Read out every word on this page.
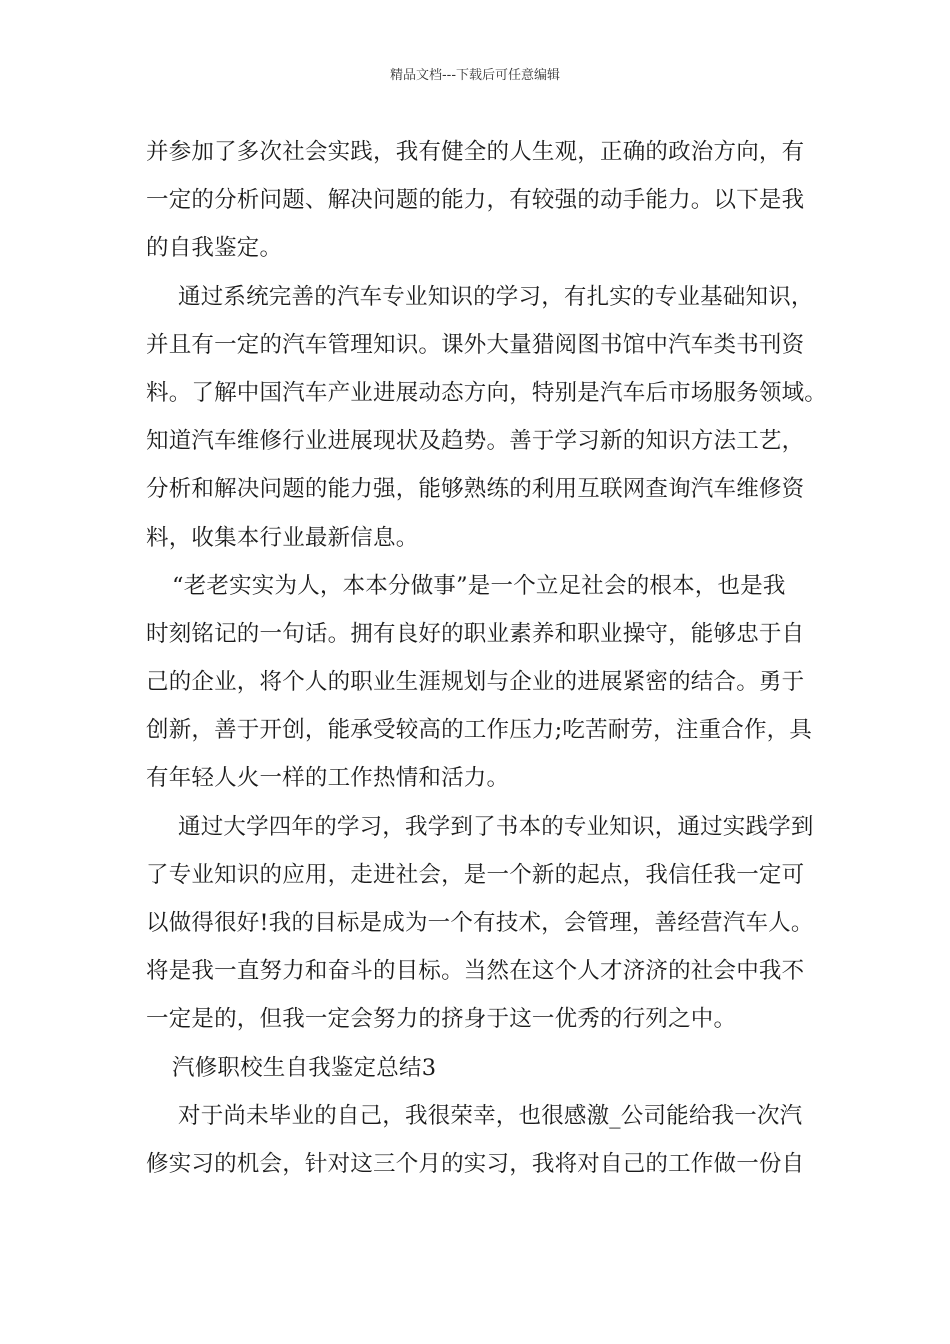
精品文档---下载后可任意编辑
并参加了多次社会实践，我有健全的人生观，正确的政治方向，有
一定的分析问题、解决问题的能力，有较强的动手能力。以下是我
的自我鉴定。
通过系统完善的汽车专业知识的学习，有扎实的专业基础知识，
并且有一定的汽车管理知识。课外大量猎阅图书馆中汽车类书刊资
料。了解中国汽车产业进展动态方向，特别是汽车后市场服务领域。
知道汽车维修行业进展现状及趋势。善于学习新的知识方法工艺，
分析和解决问题的能力强，能够熟练的利用互联网查询汽车维修资
料，收集本行业最新信息。
“老老实实为人，本本分做事”是一个立足社会的根本，也是我
时刻铭记的一句话。拥有良好的职业素养和职业操守，能够忠于自
己的企业，将个人的职业生涯规划与企业的进展紧密的结合。勇于
创新，善于开创，能承受较高的工作压力;吃苦耐劳，注重合作，具
有年轻人火一样的工作热情和活力。
通过大学四年的学习，我学到了书本的专业知识，通过实践学到
了专业知识的应用，走进社会，是一个新的起点，我信任我一定可
以做得很好!我的目标是成为一个有技术，会管理，善经营汽车人。
将是我一直努力和奋斗的目标。当然在这个人才济济的社会中我不
一定是的，但我一定会努力的挤身于这一优秀的行列之中。
汽修职校生自我鉴定总结3
对于尚未毕业的自己，我很荣幸，也很感激_公司能给我一次汽
修实习的机会，针对这三个月的实习，我将对自己的工作做一份自
